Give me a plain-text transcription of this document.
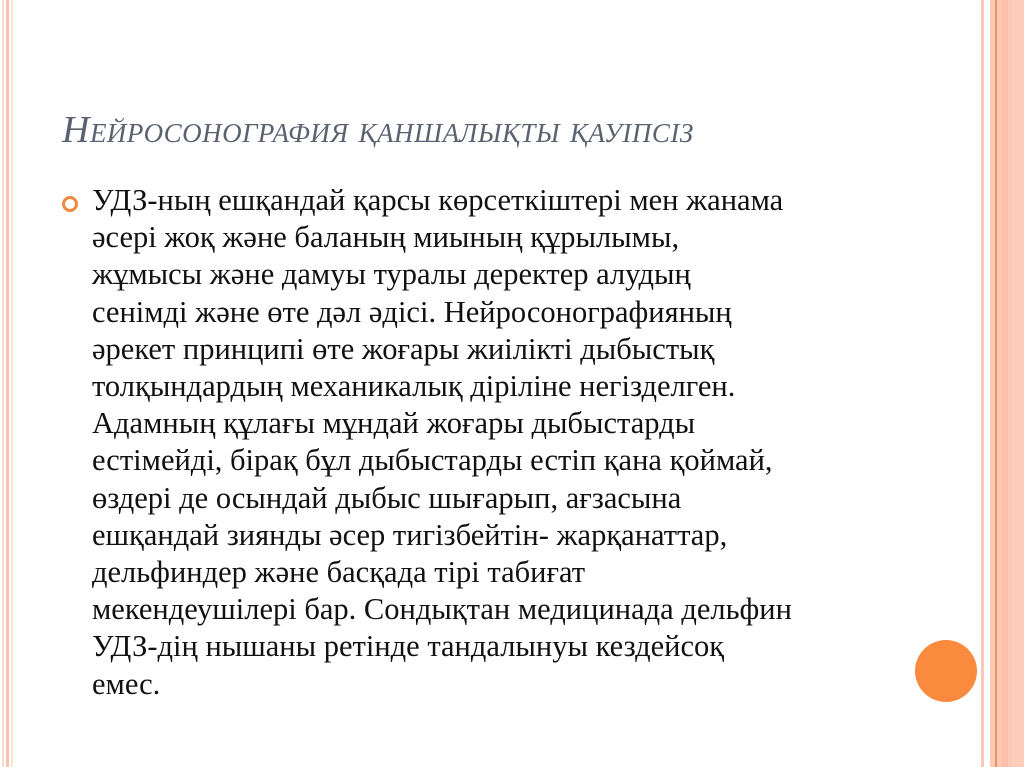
Нейросонография қаншалықты қауіпсіз
УДЗ-ның ешқандай қарсы көрсеткіштері мен жанама
әсері жоқ және баланың миының құрылымы,
жұмысы және дамуы туралы деректер алудың
сенімді және өте дәл әдісі. Нейросонографияның
әрекет принципі өте жоғары жиілікті дыбыстық
толқындардың механикалық діріліне негізделген.
Адамның құлағы мұндай жоғары дыбыстарды
естімейді, бірақ бұл дыбыстарды естіп қана қоймай,
өздері де осындай дыбыс шығарып, ағзасына
ешқандай зиянды әсер тигізбейтін- жарқанаттар,
дельфиндер және басқада тірі табиғат
мекендеушілері бар. Сондықтан медицинада дельфин
УДЗ-дің нышаны ретінде тандалынуы кездейсоқ
емес.
